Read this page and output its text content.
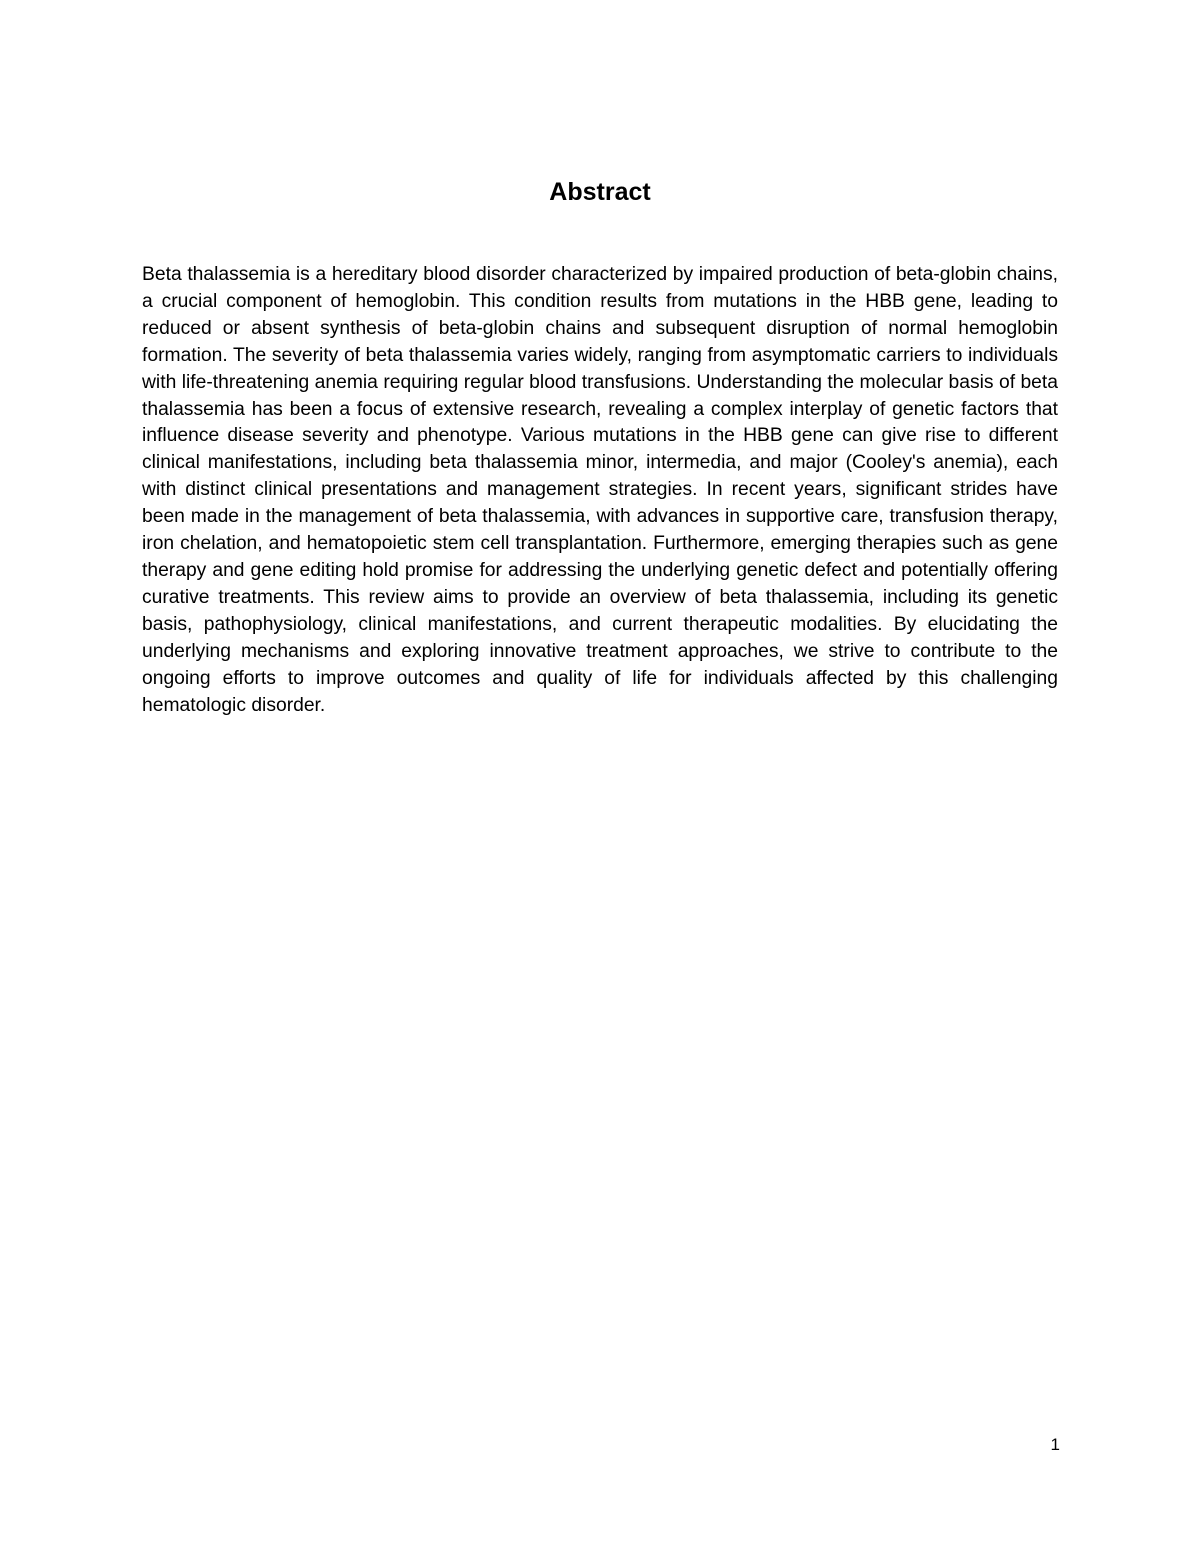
Abstract

Beta thalassemia is a hereditary blood disorder characterized by impaired production of beta-globin chains, a crucial component of hemoglobin. This condition results from mutations in the HBB gene, leading to reduced or absent synthesis of beta-globin chains and subsequent disruption of normal hemoglobin formation. The severity of beta thalassemia varies widely, ranging from asymptomatic carriers to individuals with life-threatening anemia requiring regular blood transfusions. Understanding the molecular basis of beta thalassemia has been a focus of extensive research, revealing a complex interplay of genetic factors that influence disease severity and phenotype. Various mutations in the HBB gene can give rise to different clinical manifestations, including beta thalassemia minor, intermedia, and major (Cooley's anemia), each with distinct clinical presentations and management strategies. In recent years, significant strides have been made in the management of beta thalassemia, with advances in supportive care, transfusion therapy, iron chelation, and hematopoietic stem cell transplantation. Furthermore, emerging therapies such as gene therapy and gene editing hold promise for addressing the underlying genetic defect and potentially offering curative treatments. This review aims to provide an overview of beta thalassemia, including its genetic basis, pathophysiology, clinical manifestations, and current therapeutic modalities. By elucidating the underlying mechanisms and exploring innovative treatment approaches, we strive to contribute to the ongoing efforts to improve outcomes and quality of life for individuals affected by this challenging hematologic disorder.

1
